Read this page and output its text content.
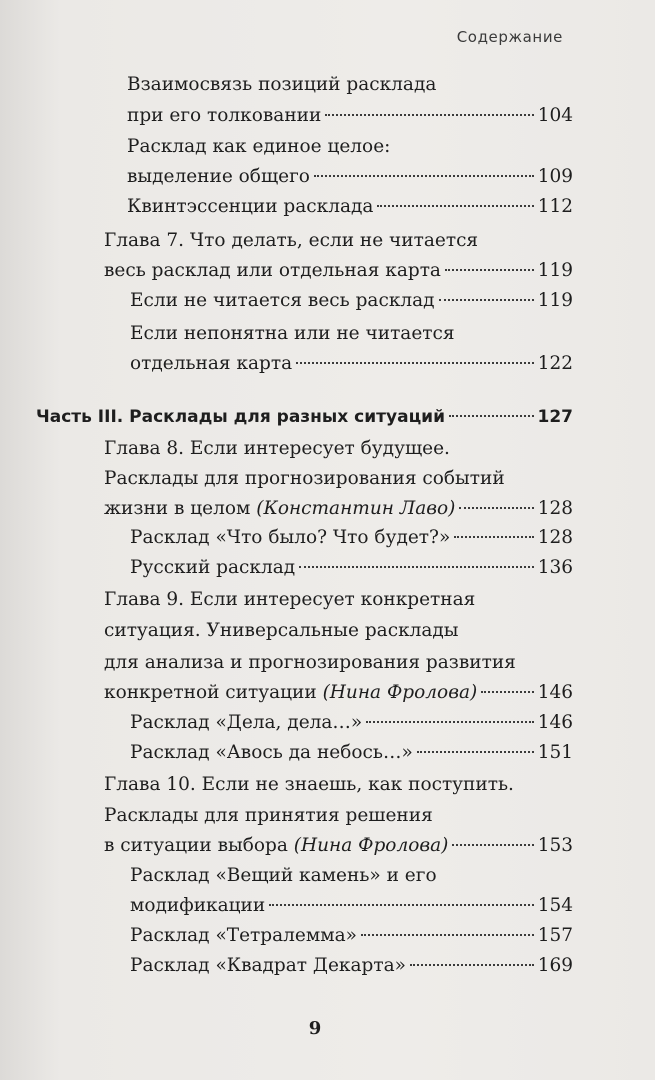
Содержание
Взаимосвязь позиций расклада
при его толковании	104
Расклад как единое целое:
выделение общего	109
Квинтэссенции расклада	112
Глава 7. Что делать, если не читается
весь расклад или отдельная карта	119
Если не читается весь расклад	119
Если непонятна или не читается
отдельная карта	122
Часть III. Расклады для разных ситуаций	127
Глава 8. Если интересует будущее.
Расклады для прогнозирования событий
жизни в целом (Константин Лаво)	128
Расклад «Что было? Что будет?»	128
Русский расклад	136
Глава 9. Если интересует конкретная
ситуация. Универсальные расклады
для анализа и прогнозирования развития
конкретной ситуации (Нина Фролова)	146
Расклад «Дела, дела…»	146
Расклад «Авось да небось…»	151
Глава 10. Если не знаешь, как поступить.
Расклады для принятия решения
в ситуации выбора (Нина Фролова)	153
Расклад «Вещий камень» и его
модификации	154
Расклад «Тетралемма»	157
Расклад «Квадрат Декарта»	169
9
